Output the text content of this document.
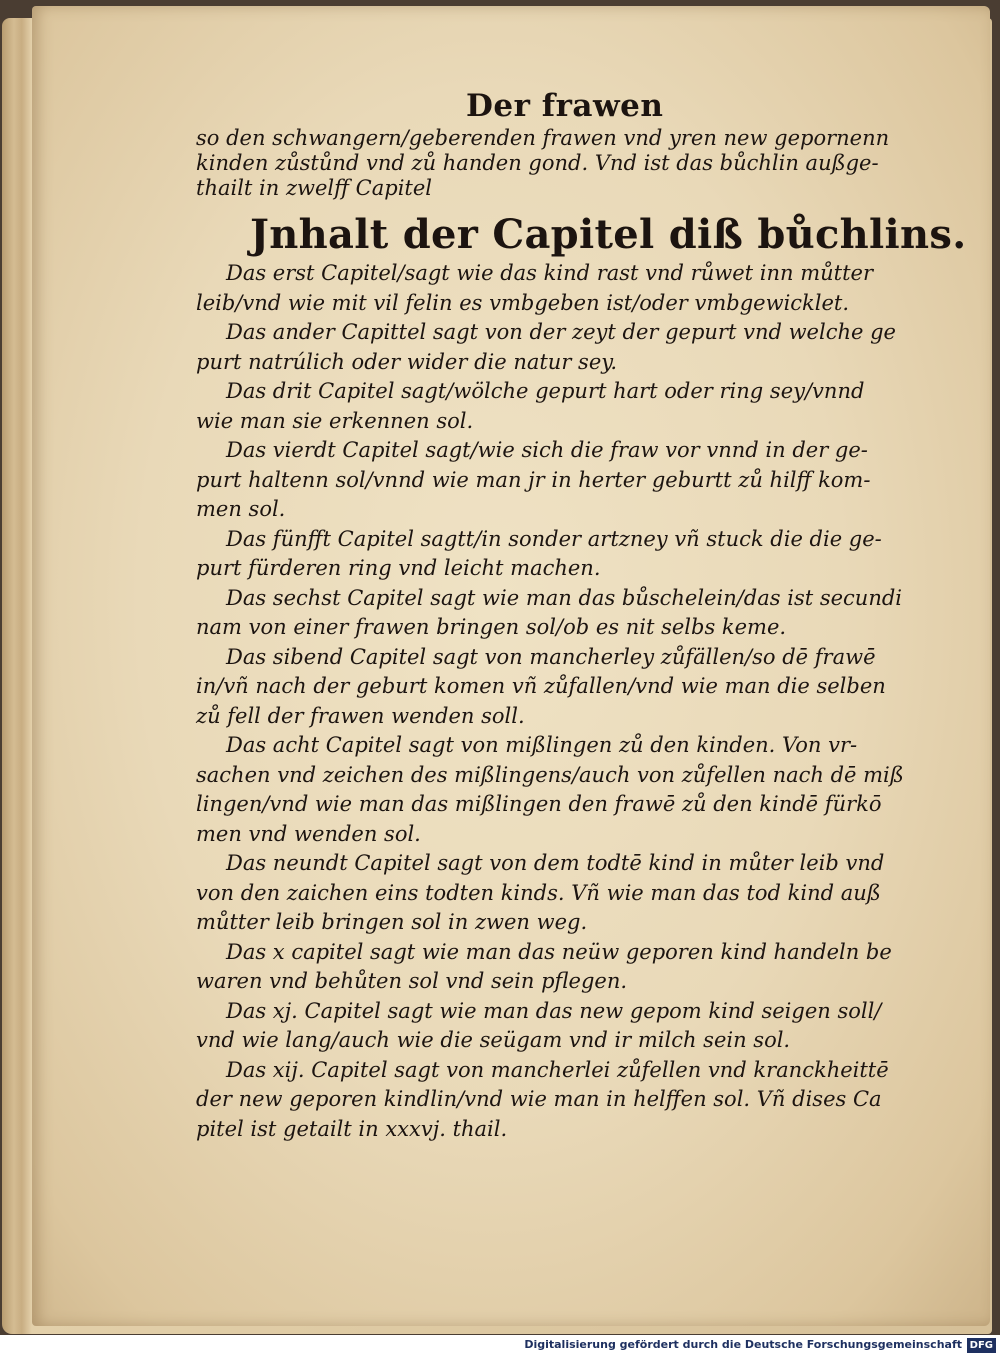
Der frawen
so den schwangern/geberenden frawen vnd yren new gepornenn
kinden zůstůnd vnd zů handen gond. Vnd ist das bůchlin außge-
thailt in zwelff Capitel
Jnhalt der Capitel diß bůchlins.
Das erst Capitel/sagt wie das kind rast vnd růwet inn můtter
leib/vnd wie mit vil felin es vmbgeben ist/oder vmbgewicklet.
Das ander Capittel sagt von der zeyt der gepurt vnd welche ge
purt natrúlich oder wider die natur sey.
Das drit Capitel sagt/wölche gepurt hart oder ring sey/vnnd
wie man sie erkennen sol.
Das vierdt Capitel sagt/wie sich die fraw vor vnnd in der ge-
purt haltenn sol/vnnd wie man jr in herter geburtt zů hilff kom-
men sol.
Das fünfft Capitel sagtt/in sonder artzney vñ stuck die die ge-
purt fürderen ring vnd leicht machen.
Das sechst Capitel sagt wie man das bůschelein/das ist secundi
nam von einer frawen bringen sol/ob es nit selbs keme.
Das sibend Capitel sagt von mancherley zůfällen/so dē frawē
in/vñ nach der geburt komen vñ zůfallen/vnd wie man die selben
zů fell der frawen wenden soll.
Das acht Capitel sagt von mißlingen zů den kinden. Von vr-
sachen vnd zeichen des mißlingens/auch von zůfellen nach dē miß
lingen/vnd wie man das mißlingen den frawē zů den kindē fürkō
men vnd wenden sol.
Das neundt Capitel sagt von dem todtē kind in můter leib vnd
von den zaichen eins todten kinds. Vñ wie man das tod kind auß
můtter leib bringen sol in zwen weg.
Das x capitel sagt wie man das neüw geporen kind handeln be
waren vnd behůten sol vnd sein pflegen.
Das xj. Capitel sagt wie man das new gepom kind seigen soll/
vnd wie lang/auch wie die seügam vnd ir milch sein sol.
Das xij. Capitel sagt von mancherlei zůfellen vnd kranckheittē
der new geporen kindlin/vnd wie man in helffen sol. Vñ dises Ca
pitel ist getailt in xxxvj. thail.
Digitalisierung gefördert durch die Deutsche Forschungsgemeinschaft DFG
